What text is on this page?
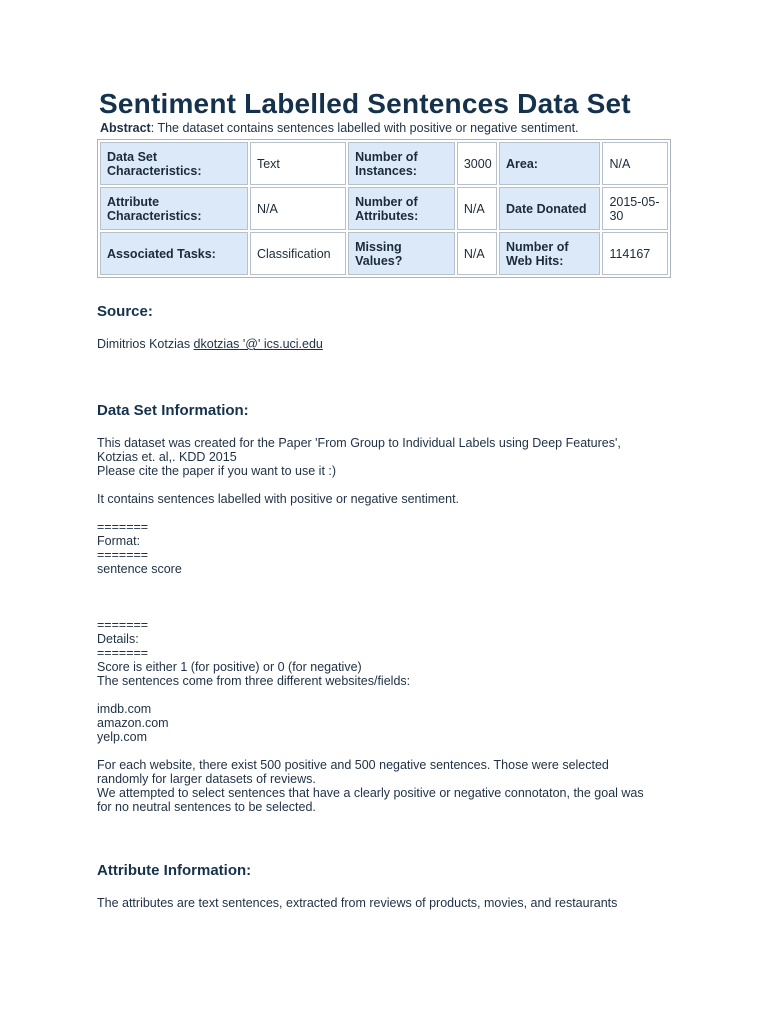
Sentiment Labelled Sentences Data Set
Abstract: The dataset contains sentences labelled with positive or negative sentiment.
Data Set Characteristics:	Text	Number of Instances:	3000	Area:	N/A
Attribute Characteristics:	N/A	Number of Attributes:	N/A	Date Donated	2015-05-30
Associated Tasks:	Classification	Missing Values?	N/A	Number of Web Hits:	114167
Source:
Dimitrios Kotzias dkotzias '@' ics.uci.edu
Data Set Information:
This dataset was created for the Paper 'From Group to Individual Labels using Deep Features',
Kotzias et. al,. KDD 2015
Please cite the paper if you want to use it :)
It contains sentences labelled with positive or negative sentiment.
=======
Format:
=======
sentence score
=======
Details:
=======
Score is either 1 (for positive) or 0 (for negative)
The sentences come from three different websites/fields:
imdb.com
amazon.com
yelp.com
For each website, there exist 500 positive and 500 negative sentences. Those were selected
randomly for larger datasets of reviews.
We attempted to select sentences that have a clearly positive or negative connotaton, the goal was
for no neutral sentences to be selected.
Attribute Information:
The attributes are text sentences, extracted from reviews of products, movies, and restaurants
